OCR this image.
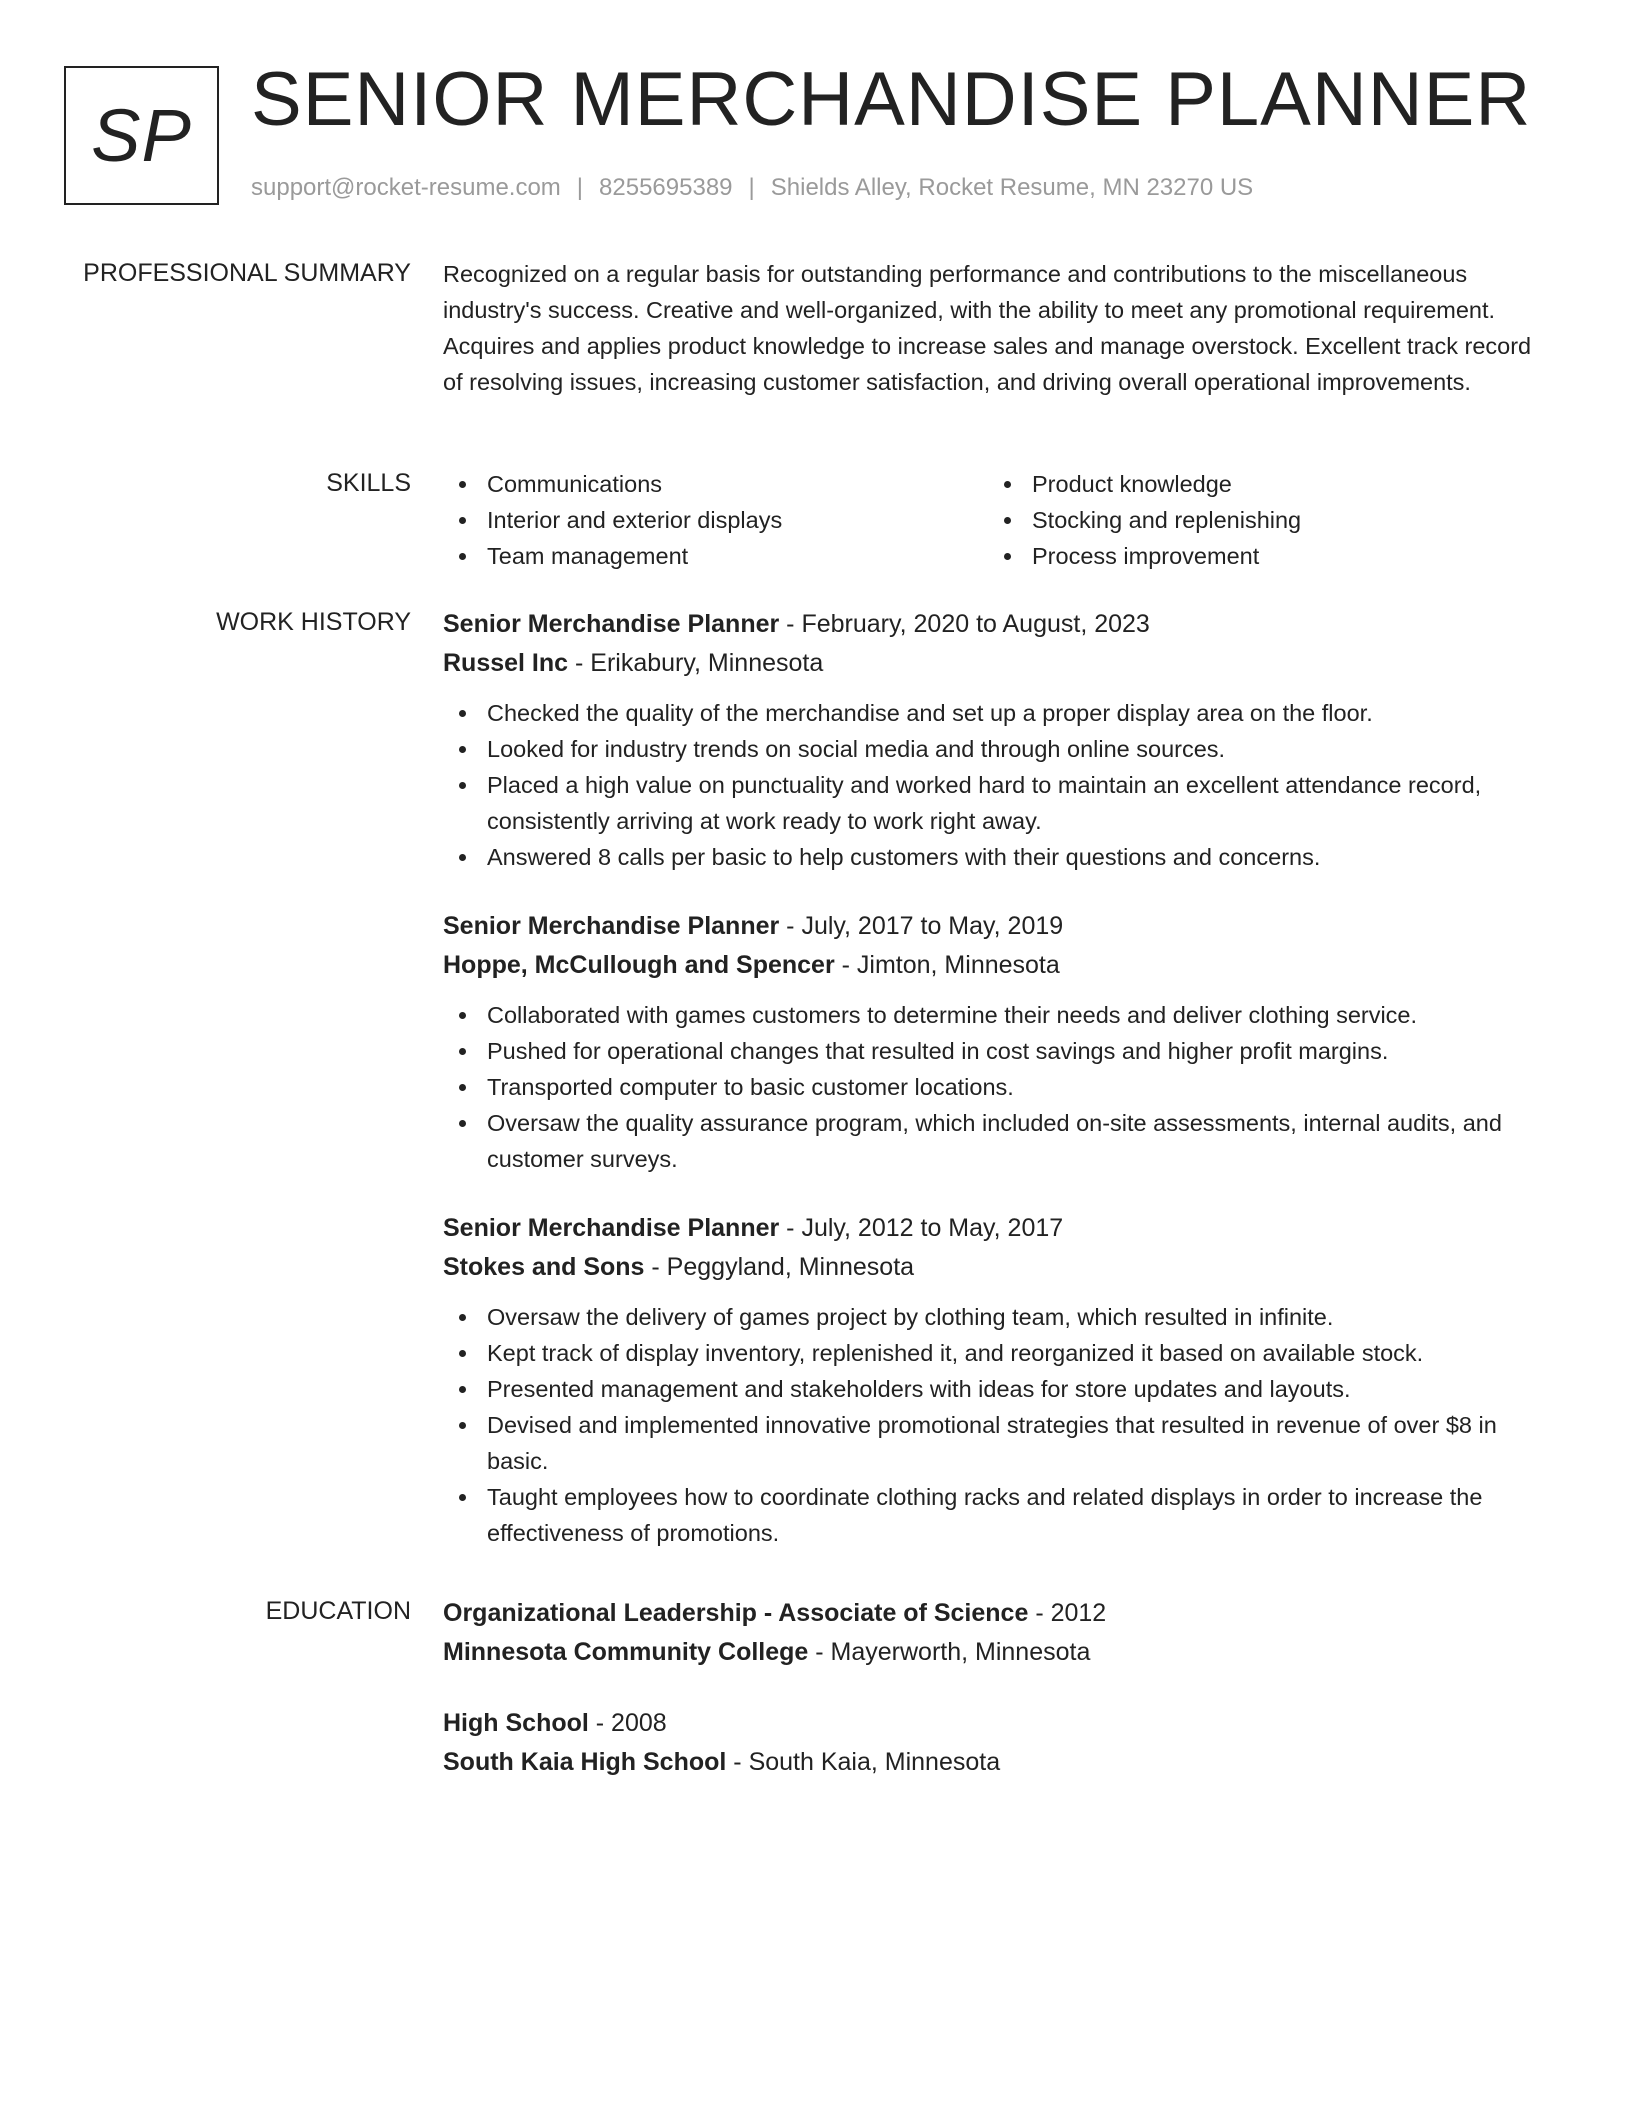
SP SENIOR MERCHANDISE PLANNER
support@rocket-resume.com | 8255695389 | Shields Alley, Rocket Resume, MN 23270 US
PROFESSIONAL SUMMARY Recognized on a regular basis for outstanding performance and contributions to the miscellaneous industry's success. Creative and well-organized, with the ability to meet any promotional requirement. Acquires and applies product knowledge to increase sales and manage overstock. Excellent track record of resolving issues, increasing customer satisfaction, and driving overall operational improvements.

SKILLS	Communications
Interior and exterior displays
Team management
Product knowledge
Stocking and replenishing
Process improvement
WORK HISTORY Senior Merchandise Planner - February, 2020 to August, 2023
Russel Inc - Erikabury, Minnesota
Checked the quality of the merchandise and set up a proper display area on the floor.
Looked for industry trends on social media and through online sources.
Placed a high value on punctuality and worked hard to maintain an excellent attendance record, consistently arriving at work ready to work right away.
Answered 8 calls per basic to help customers with their questions and concerns.
Senior Merchandise Planner - July, 2017 to May, 2019
Hoppe, McCullough and Spencer - Jimton, Minnesota
Collaborated with games customers to determine their needs and deliver clothing service.
Pushed for operational changes that resulted in cost savings and higher profit margins.
Transported computer to basic customer locations.
Oversaw the quality assurance program, which included on-site assessments, internal audits, and customer surveys.
Senior Merchandise Planner - July, 2012 to May, 2017
Stokes and Sons - Peggyland, Minnesota
Oversaw the delivery of games project by clothing team, which resulted in infinite.
Kept track of display inventory, replenished it, and reorganized it based on available stock.
Presented management and stakeholders with ideas for store updates and layouts.
Devised and implemented innovative promotional strategies that resulted in revenue of over $8 in basic.
Taught employees how to coordinate clothing racks and related displays in order to increase the effectiveness of promotions.
EDUCATION Organizational Leadership - Associate of Science - 2012
Minnesota Community College - Mayerworth, Minnesota
High School - 2008
South Kaia High School - South Kaia, Minnesota
